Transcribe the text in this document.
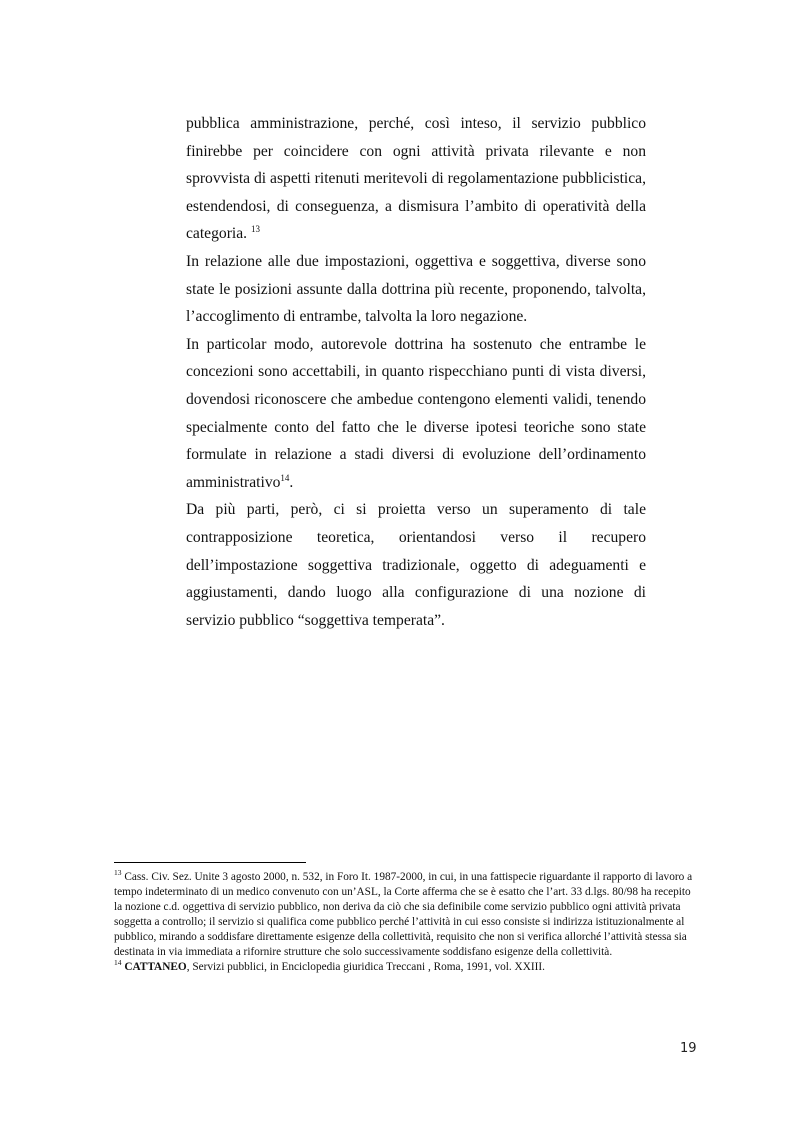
pubblica amministrazione, perché, così inteso, il servizio pubblico finirebbe per coincidere con ogni attività privata rilevante e non sprovvista di aspetti ritenuti meritevoli di regolamentazione pubblicistica, estendendosi, di conseguenza, a dismisura l’ambito di operatività della categoria. $^{13}$

In relazione alle due impostazioni, oggettiva e soggettiva, diverse sono state le posizioni assunte dalla dottrina più recente, proponendo, talvolta, l’accoglimento di entrambe, talvolta la loro negazione.

In particolar modo, autorevole dottrina ha sostenuto che entrambe le concezioni sono accettabili, in quanto rispecchiano punti di vista diversi, dovendosi riconoscere che ambedue contengono elementi validi, tenendo specialmente conto del fatto che le diverse ipotesi teoriche sono state formulate in relazione a stadi diversi di evoluzione dell’ordinamento amministrativo$^{14}$.

Da più parti, però, ci si proietta verso un superamento di tale contrapposizione teoretica, orientandosi verso il recupero dell’impostazione soggettiva tradizionale, oggetto di adeguamenti e aggiustamenti, dando luogo alla configurazione di una nozione di servizio pubblico “soggettiva temperata”.

$^{13}$ Cass. Civ. Sez. Unite 3 agosto 2000, n. 532, in Foro It. 1987-2000, in cui, in una fattispecie riguardante il rapporto di lavoro a tempo indeterminato di un medico convenuto con un’ASL, la Corte afferma che se è esatto che l’art. 33 d.lgs. 80/98 ha recepito la nozione c.d. oggettiva di servizio pubblico, non deriva da ciò che sia definibile come servizio pubblico ogni attività privata soggetta a controllo; il servizio si qualifica come pubblico perché l’attività in cui esso consiste si indirizza istituzionalmente al pubblico, mirando a soddisfare direttamente esigenze della collettività, requisito che non si verifica allorché l’attività stessa sia destinata in via immediata a rifornire strutture che solo successivamente soddisfano esigenze della collettività.

$^{14}$ CATTANEO, Servizi pubblici, in Enciclopedia giuridica Treccani , Roma, 1991, vol. XXIII.

19
